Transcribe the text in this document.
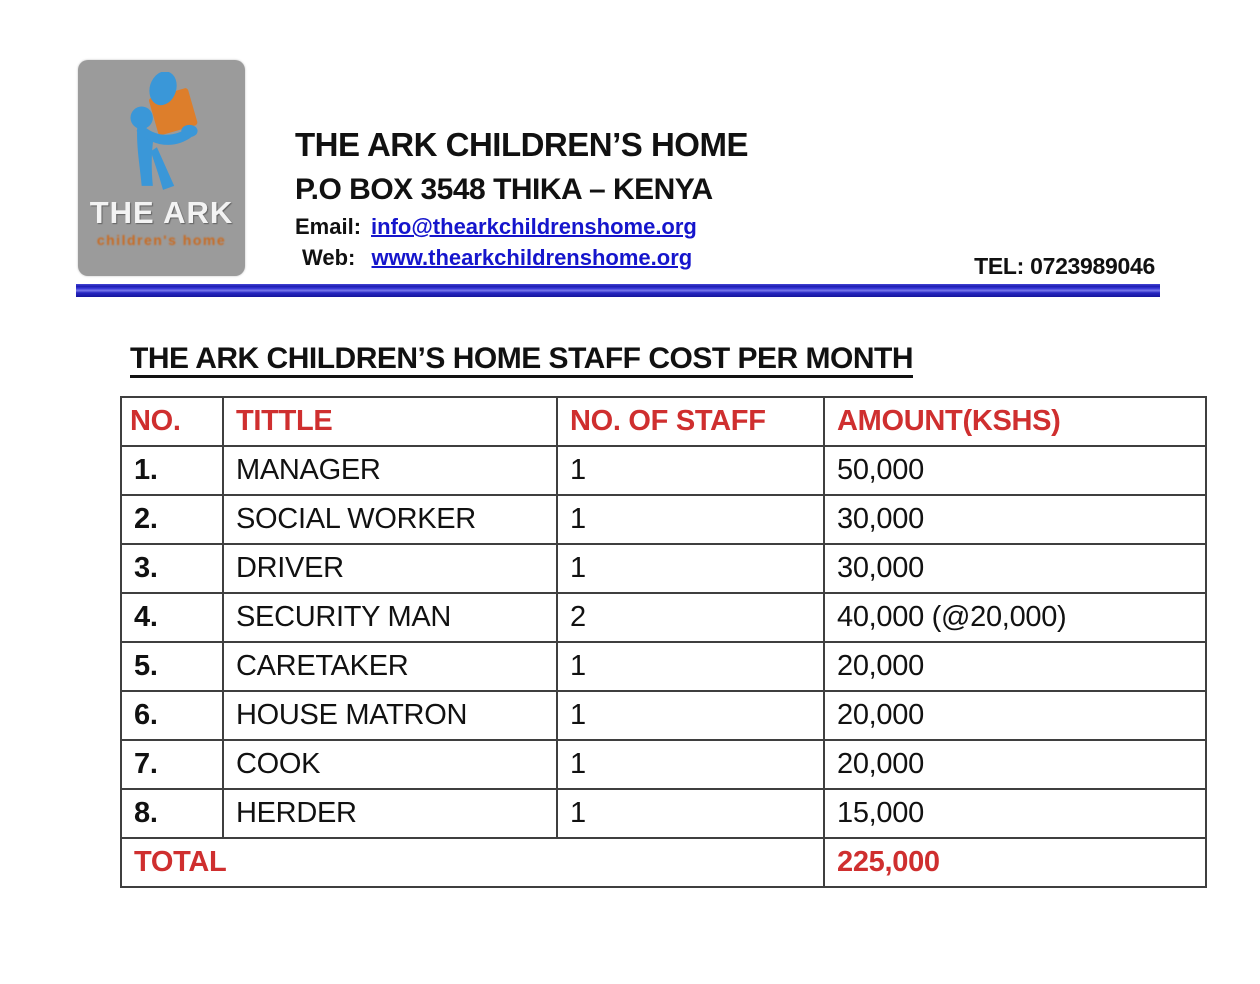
THE ARK
children's home
THE ARK CHILDREN’S HOME
P.O BOX 3548 THIKA – KENYA
Email: info@thearkchildrenshome.org
Web: www.thearkchildrenshome.org	TEL: 0723989046
THE ARK CHILDREN’S HOME STAFF COST PER MONTH
NO.	TITTLE	NO. OF STAFF	AMOUNT(KSHS)
1.	MANAGER	1	50,000
2.	SOCIAL WORKER	1	30,000
3.	DRIVER	1	30,000
4.	SECURITY MAN	2	40,000 (@20,000)
5.	CARETAKER	1	20,000
6.	HOUSE MATRON	1	20,000
7.	COOK	1	20,000
8.	HERDER	1	15,000
TOTAL			225,000
